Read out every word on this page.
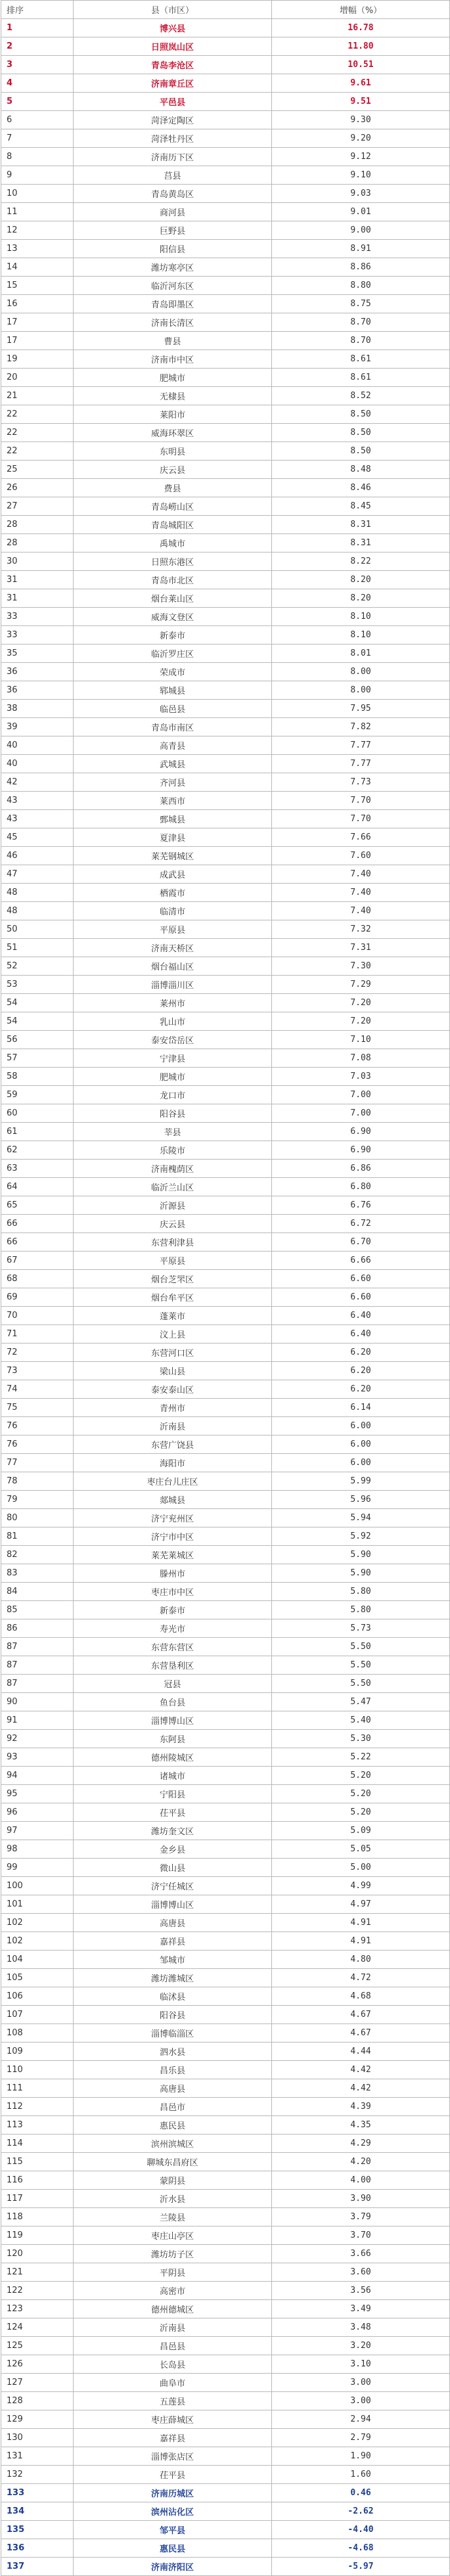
排序	县（市区）	增幅（%）
1	博兴县	16.78
2	日照岚山区	11.80
3	青岛李沧区	10.51
4	济南章丘区	9.61
5	平邑县	9.51
6	菏泽定陶区	9.30
7	菏泽牡丹区	9.20
8	济南历下区	9.12
9	莒县	9.10
10	青岛黄岛区	9.03
11	商河县	9.01
12	巨野县	9.00
13	阳信县	8.91
14	潍坊寒亭区	8.86
15	临沂河东区	8.80
16	青岛即墨区	8.75
17	济南长清区	8.70
17	曹县	8.70
19	济南市中区	8.61
20	肥城市	8.61
21	无棣县	8.52
22	莱阳市	8.50
22	威海环翠区	8.50
22	东明县	8.50
25	庆云县	8.48
26	费县	8.46
27	青岛崂山区	8.45
28	青岛城阳区	8.31
28	禹城市	8.31
30	日照东港区	8.22
31	青岛市北区	8.20
31	烟台莱山区	8.20
33	威海文登区	8.10
33	新泰市	8.10
35	临沂罗庄区	8.01
36	荣成市	8.00
36	郓城县	8.00
38	临邑县	7.95
39	青岛市南区	7.82
40	高青县	7.77
40	武城县	7.77
42	齐河县	7.73
43	莱西市	7.70
43	鄄城县	7.70
45	夏津县	7.66
46	莱芜钢城区	7.60
47	成武县	7.40
48	栖霞市	7.40
48	临清市	7.40
50	平原县	7.32
51	济南天桥区	7.31
52	烟台福山区	7.30
53	淄博淄川区	7.29
54	莱州市	7.20
54	乳山市	7.20
56	泰安岱岳区	7.10
57	宁津县	7.08
58	肥城市	7.03
59	龙口市	7.00
60	阳谷县	7.00
61	莘县	6.90
62	乐陵市	6.90
63	济南槐荫区	6.86
64	临沂兰山区	6.80
65	沂源县	6.76
66	庆云县	6.72
66	东营利津县	6.70
67	平原县	6.66
68	烟台芝罘区	6.60
69	烟台牟平区	6.60
70	蓬莱市	6.40
71	汶上县	6.40
72	东营河口区	6.20
73	梁山县	6.20
74	泰安泰山区	6.20
75	青州市	6.14
76	沂南县	6.00
76	东营广饶县	6.00
77	海阳市	6.00
78	枣庄台儿庄区	5.99
79	郯城县	5.96
80	济宁兖州区	5.94
81	济宁市中区	5.92
82	莱芜莱城区	5.90
83	滕州市	5.90
84	枣庄市中区	5.80
85	新泰市	5.80
86	寿光市	5.73
87	东营东营区	5.50
87	东营垦利区	5.50
87	冠县	5.50
90	鱼台县	5.47
91	淄博博山区	5.40
92	东阿县	5.30
93	德州陵城区	5.22
94	诸城市	5.20
95	宁阳县	5.20
96	茌平县	5.20
97	潍坊奎文区	5.09
98	金乡县	5.05
99	微山县	5.00
100	济宁任城区	4.99
101	淄博博山区	4.97
102	高唐县	4.91
102	嘉祥县	4.91
104	邹城市	4.80
105	潍坊潍城区	4.72
106	临沭县	4.68
107	阳谷县	4.67
108	淄博临淄区	4.67
109	泗水县	4.44
110	昌乐县	4.42
111	高唐县	4.42
112	昌邑市	4.39
113	惠民县	4.35
114	滨州滨城区	4.29
115	聊城东昌府区	4.20
116	蒙阴县	4.00
117	沂水县	3.90
118	兰陵县	3.79
119	枣庄山亭区	3.70
120	潍坊坊子区	3.66
121	平阴县	3.60
122	高密市	3.56
123	德州德城区	3.49
124	沂南县	3.48
125	昌邑县	3.20
126	长岛县	3.10
127	曲阜市	3.00
128	五莲县	3.00
129	枣庄薛城区	2.94
130	嘉祥县	2.79
131	淄博张店区	1.90
132	茌平县	1.60
133	济南历城区	0.46
134	滨州沾化区	-2.62
135	邹平县	-4.40
136	惠民县	-4.68
137	济南济阳区	-5.97
